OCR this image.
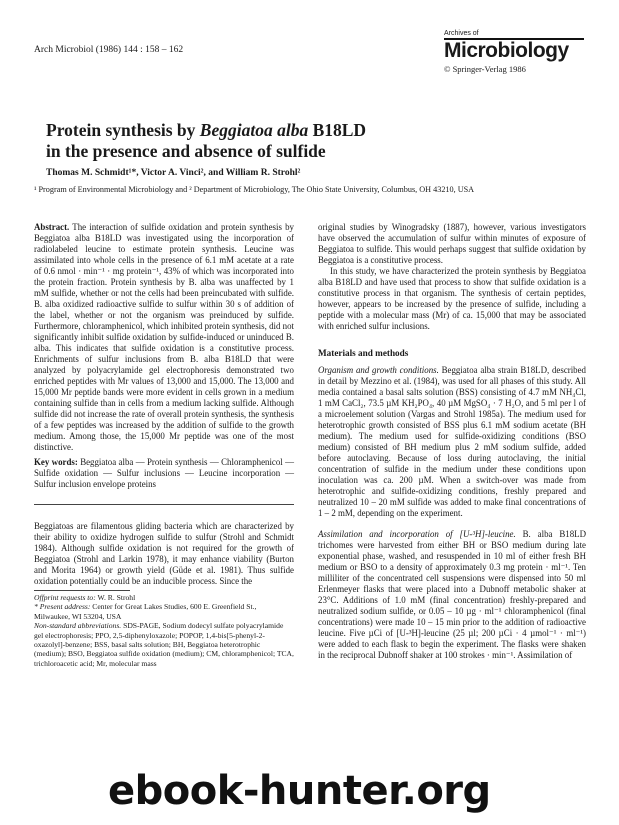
Arch Microbiol (1986) 144 : 158 – 162
Archives of
Microbiology
© Springer-Verlag 1986
Protein synthesis by Beggiatoa alba B18LD
in the presence and absence of sulfide
Thomas M. Schmidt¹*, Victor A. Vinci², and William R. Strohl²
¹ Program of Environmental Microbiology and ² Department of Microbiology, The Ohio State University, Columbus, OH 43210, USA

Abstract. The interaction of sulfide oxidation and protein synthesis by Beggiatoa alba B18LD was investigated using the incorporation of radiolabeled leucine to estimate protein synthesis. Leucine was assimilated into whole cells in the presence of 6.1 mM acetate at a rate of 0.6 nmol · min⁻¹ · mg protein⁻¹, 43% of which was incorporated into the protein fraction. Protein synthesis by B. alba was unaffected by 1 mM sulfide, whether or not the cells had been preincubated with sulfide. B. alba oxidized radioactive sulfide to sulfur within 30 s of addition of the label, whether or not the organism was preinduced by sulfide. Furthermore, chloramphenicol, which inhibited protein synthesis, did not significantly inhibit sulfide oxidation by sulfide-induced or uninduced B. alba. This indicates that sulfide oxidation is a constitutive process. Enrichments of sulfur inclusions from B. alba B18LD that were analyzed by polyacrylamide gel electrophoresis demonstrated two enriched peptides with Mr values of 13,000 and 15,000. The 13,000 and 15,000 Mr peptide bands were more evident in cells grown in a medium containing sulfide than in cells from a medium lacking sulfide. Although sulfide did not increase the rate of overall protein synthesis, the synthesis of a few peptides was increased by the addition of sulfide to the growth medium. Among those, the 15,000 Mr peptide was one of the most distinctive.

Key words: Beggiatoa alba — Protein synthesis — Chloramphenicol — Sulfide oxidation — Sulfur inclusions — Leucine incorporation — Sulfur inclusion envelope proteins

Beggiatoas are filamentous gliding bacteria which are characterized by their ability to oxidize hydrogen sulfide to sulfur (Strohl and Schmidt 1984). Although sulfide oxidation is not required for the growth of Beggiatoa (Strohl and Larkin 1978), it may enhance viability (Burton and Morita 1964) or growth yield (Güde et al. 1981). Thus sulfide oxidation potentially could be an inducible process. Since the

Offprint requests to: W. R. Strohl
* Present address: Center for Great Lakes Studies, 600 E. Greenfield St., Milwaukee, WI 53204, USA
Non-standard abbreviations. SDS-PAGE, Sodium dodecyl sulfate polyacrylamide gel electrophoresis; PPO, 2,5-diphenyloxazole; POPOP, 1,4-bis[5-phenyl-2-oxazolyl]-benzene; BSS, basal salts solution; BH, Beggiatoa heterotrophic (medium); BSO, Beggiatoa sulfide oxidation (medium); CM, chloramphenicol; TCA, trichloroacetic acid; Mr, molecular mass

original studies by Winogradsky (1887), however, various investigators have observed the accumulation of sulfur within minutes of exposure of Beggiatoa to sulfide. This would perhaps suggest that sulfide oxidation by Beggiatoa is a constitutive process.

In this study, we have characterized the protein synthesis by Beggiatoa alba B18LD and have used that process to show that sulfide oxidation is a constitutive process in that organism. The synthesis of certain peptides, however, appears to be increased by the presence of sulfide, including a peptide with a molecular mass (Mr) of ca. 15,000 that may be associated with enriched sulfur inclusions.

Materials and methods

Organism and growth conditions. Beggiatoa alba strain B18LD, described in detail by Mezzino et al. (1984), was used for all phases of this study. All media contained a basal salts solution (BSS) consisting of 4.7 mM NH₄Cl, 1 mM CaCl₂, 73.5 µM KH₂PO₄, 40 µM MgSO₄ · 7 H₂O, and 5 ml per l of a microelement solution (Vargas and Strohl 1985a). The medium used for heterotrophic growth consisted of BSS plus 6.1 mM sodium acetate (BH medium). The medium used for sulfide-oxidizing conditions (BSO medium) consisted of BH medium plus 2 mM sodium sulfide, added before autoclaving. Because of loss during autoclaving, the initial concentration of sulfide in the medium under these conditions upon inoculation was ca. 200 µM. When a switch-over was made from heterotrophic and sulfide-oxidizing conditions, freshly prepared and neutralized 10 – 20 mM sulfide was added to make final concentrations of 1 – 2 mM, depending on the experiment.

Assimilation and incorporation of [U-³H]-leucine. B. alba B18LD trichomes were harvested from either BH or BSO medium during late exponential phase, washed, and resuspended in 10 ml of either fresh BH medium or BSO to a density of approximately 0.3 mg protein · ml⁻¹. Ten milliliter of the concentrated cell suspensions were dispensed into 50 ml Erlenmeyer flasks that were placed into a Dubnoff metabolic shaker at 23°C. Additions of 1.0 mM (final concentration) freshly-prepared and neutralized sodium sulfide, or 0.05 – 10 µg · ml⁻¹ chloramphenicol (final concentrations) were made 10 – 15 min prior to the addition of radioactive leucine. Five µCi of [U-³H]-leucine (25 µl; 200 µCi · 4 µmol⁻¹ · ml⁻¹) were added to each flask to begin the experiment. The flasks were shaken in the reciprocal Dubnoff shaker at 100 strokes · min⁻¹. Assimilation of

ebook-hunter.org
